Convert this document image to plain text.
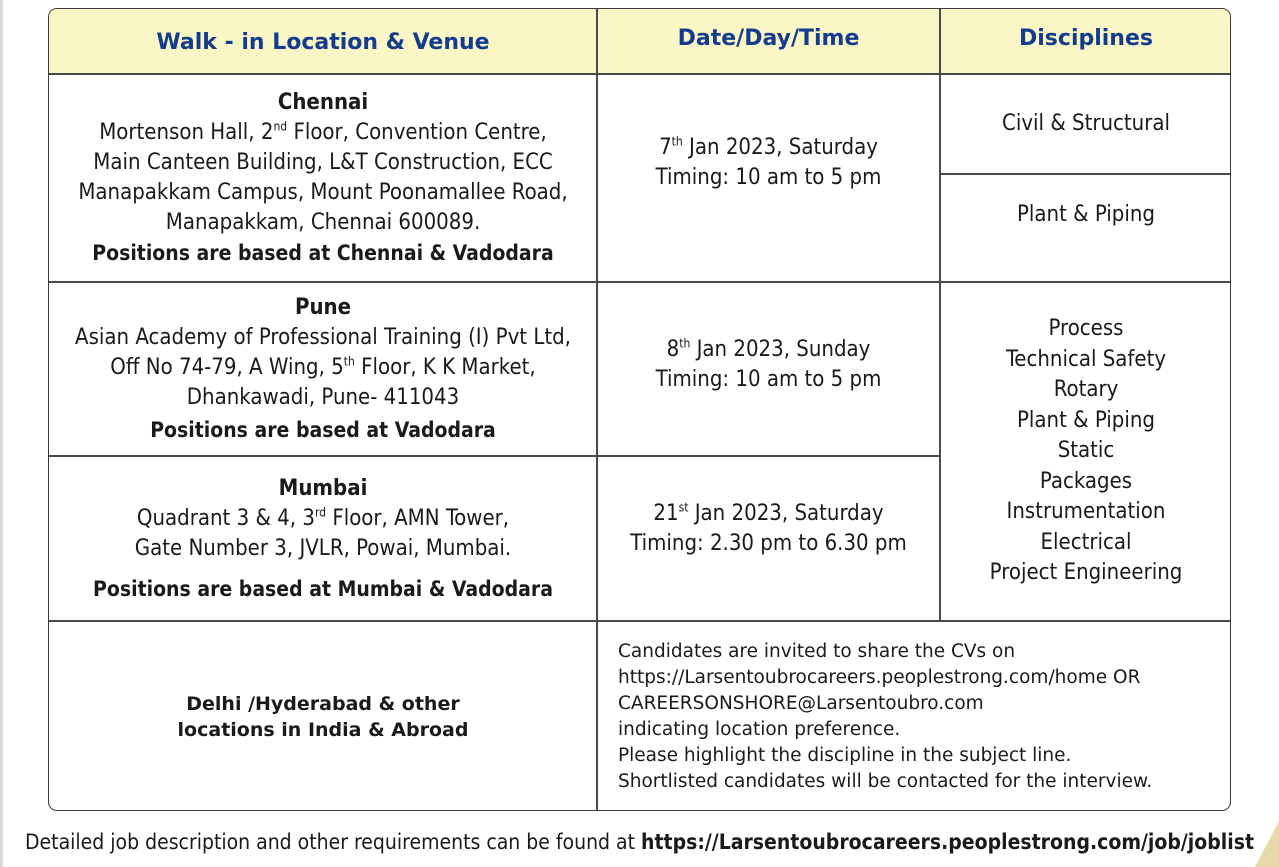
Walk - in Location & Venue	Date/Day/Time	Disciplines
Chennai
Mortenson Hall, 2nd Floor, Convention Centre,
Main Canteen Building, L&T Construction, ECC
Manapakkam Campus, Mount Poonamallee Road,
Manapakkam, Chennai 600089.
Positions are based at Chennai & Vadodara
7th Jan 2023, Saturday
Timing: 10 am to 5 pm
Civil & Structural
Plant & Piping
Pune
Asian Academy of Professional Training (I) Pvt Ltd,
Off No 74-79, A Wing, 5th Floor, K K Market,
Dhankawadi, Pune- 411043
Positions are based at Vadodara
8th Jan 2023, Sunday
Timing: 10 am to 5 pm
Process
Technical Safety
Rotary
Plant & Piping
Static
Packages
Instrumentation
Electrical
Project Engineering
Mumbai
Quadrant 3 & 4, 3rd Floor, AMN Tower,
Gate Number 3, JVLR, Powai, Mumbai.
Positions are based at Mumbai & Vadodara
21st Jan 2023, Saturday
Timing: 2.30 pm to 6.30 pm
Delhi /Hyderabad & other
locations in India & Abroad
Candidates are invited to share the CVs on
https://Larsentoubrocareers.peoplestrong.com/home OR
CAREERSONSHORE@Larsentoubro.com
indicating location preference.
Please highlight the discipline in the subject line.
Shortlisted candidates will be contacted for the interview.
Detailed job description and other requirements can be found at https://Larsentoubrocareers.peoplestrong.com/job/joblist
